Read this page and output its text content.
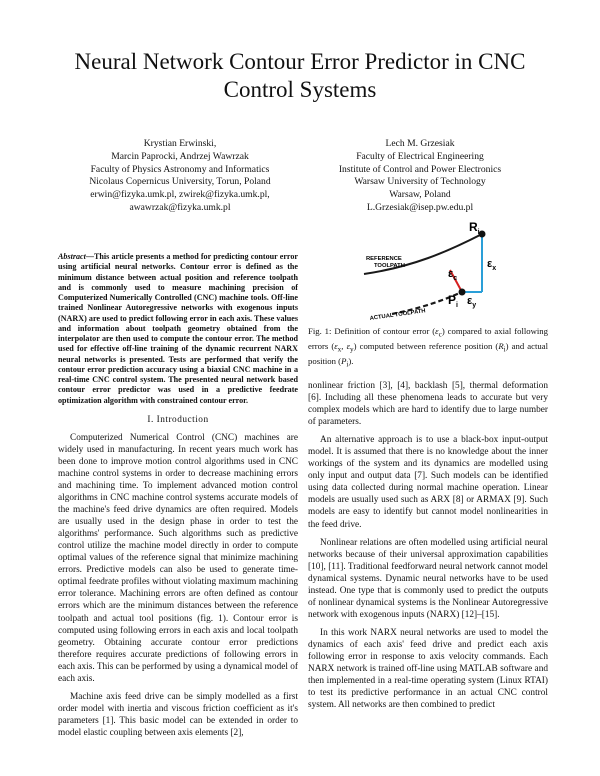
Neural Network Contour Error Predictor in CNC Control Systems
Krystian Erwinski,
Marcin Paprocki, Andrzej Wawrzak
Faculty of Physics Astronomy and Informatics
Nicolaus Copernicus University, Torun, Poland
erwin@fizyka.umk.pl, zwirek@fizyka.umk.pl,
awawrzak@fizyka.umk.pl
Lech M. Grzesiak
Faculty of Electrical Engineering
Institute of Control and Power Electronics
Warsaw University of Technology
Warsaw, Poland
L.Grzesiak@isep.pw.edu.pl

Abstract—This article presents a method for predicting contour error using artificial neural networks. Contour error is defined as the minimum distance between actual position and reference toolpath and is commonly used to measure machining precision of Computerized Numerically Controlled (CNC) machine tools. Off-line trained Nonlinear Autoregressive networks with exogenous inputs (NARX) are used to predict following error in each axis. These values and information about toolpath geometry obtained from the interpolator are then used to compute the contour error. The method used for effective off-line training of the dynamic recurrent NARX neural networks is presented. Tests are performed that verify the contour error prediction accuracy using a biaxial CNC machine in a real-time CNC control system. The presented neural network based contour error predictor was used in a predictive feedrate optimization algorithm with constrained contour error.

I. Introduction

Computerized Numerical Control (CNC) machines are widely used in manufacturing. In recent years much work has been done to improve motion control algorithms used in CNC machine control systems in order to decrease machining errors and machining time. To implement advanced motion control algorithms in CNC machine control systems accurate models of the machine's feed drive dynamics are often required. Models are usually used in the design phase in order to test the algorithms' performance. Such algorithms such as predictive control utilize the machine model directly in order to compute optimal values of the reference signal that minimize machining errors. Predictive models can also be used to generate time-optimal feedrate profiles without violating maximum machining error tolerance. Machining errors are often defined as contour errors which are the minimum distances between the reference toolpath and actual tool positions (fig. 1). Contour error is computed using following errors in each axis and local toolpath geometry. Obtaining accurate contour error predictions therefore requires accurate predictions of following errors in each axis. This can be performed by using a dynamical model of each axis.

Machine axis feed drive can be simply modelled as a first order model with inertia and viscous friction coefficient as it's parameters [1]. This basic model can be extended in order to model elastic coupling between axis elements [2],

$R_i$
$P_i$
$\varepsilon_c$
$\varepsilon_x$
$\varepsilon_y$
REFERENCE
TOOLPATH
ACTUAL TOOLPATH
Fig. 1: Definition of contour error $(\varepsilon_c)$ compared to axial following errors ($\varepsilon_x$, $\varepsilon_y$) computed between reference position $(R_i)$ and actual position $(P_i)$.

nonlinear friction [3], [4], backlash [5], thermal deformation [6]. Including all these phenomena leads to accurate but very complex models which are hard to identify due to large number of parameters.

An alternative approach is to use a black-box input-output model. It is assumed that there is no knowledge about the inner workings of the system and its dynamics are modelled using only input and output data [7]. Such models can be identified using data collected during normal machine operation. Linear models are usually used such as ARX [8] or ARMAX [9]. Such models are easy to identify but cannot model nonlinearities in the feed drive.

Nonlinear relations are often modelled using artificial neural networks because of their universal approximation capabilities [10], [11]. Traditional feedforward neural network cannot model dynamical systems. Dynamic neural networks have to be used instead. One type that is commonly used to predict the outputs of nonlinear dynamical systems is the Nonlinear Autoregressive network with exogenous inputs (NARX) [12]–[15].

In this work NARX neural networks are used to model the dynamics of each axis' feed drive and predict each axis following error in response to axis velocity commands. Each NARX network is trained off-line using MATLAB software and then implemented in a real-time operating system (Linux RTAI) to test its predictive performance in an actual CNC control system. All networks are then combined to predict
